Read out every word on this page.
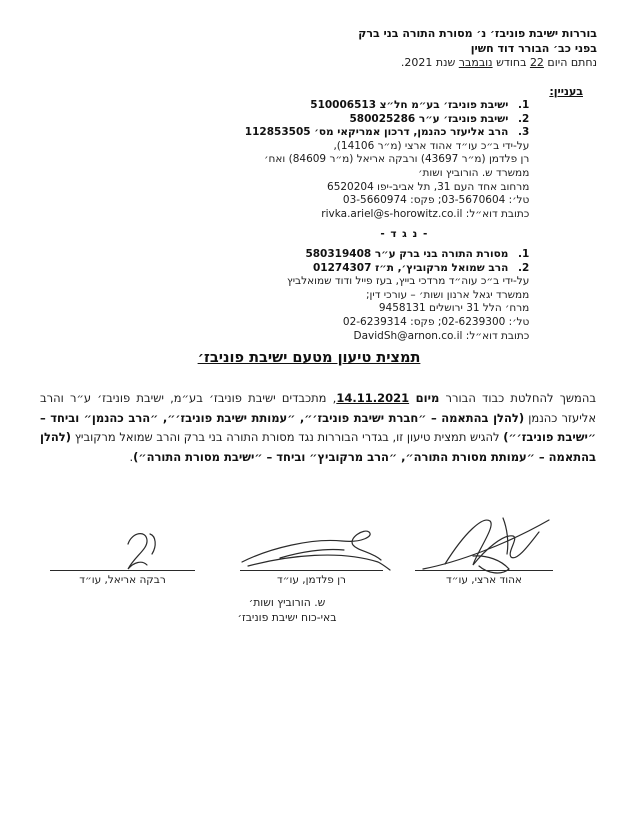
בוררות ישיבת פוניבז׳ נ׳ מסורת התורה בני ברק
בפני כב׳ הבורר דוד חשין
נחתם היום 22 בחודש נובמבר שנת 2021.
בעניין:
1.
ישיבת פוניבז׳ בע״מ חל״צ 510006513
2.
ישיבת פוניבז׳ ע״ר 580025286
3.
הרב אליעזר כהנמן, דרכון אמריקאי מס׳ 112853505
על-ידי ב״כ עו״ד אהוד ארצי (מ״ר 14106),
רן פלדמן (מ״ר 43697) ורבקה אריאל (מ״ר 84609) ואח׳
ממשרד ש. הורוביץ ושות׳
מרחוב אחד העם 31, תל אביב-יפו 6520204
טל׳: 03-5670604; פקס: 03-5660974
כתובת דוא״ל: rivka.ariel@s-horowitz.co.il
- נ ג ד -
1.
מסורת התורה בני ברק ע״ר 580319408
2.
הרב שמואל מרקוביץ׳, ת״ז 01274307
על-ידי ב״כ עוה״ד מרדכי בייץ, בעז פייל ודוד שמואלביץ
ממשרד יגאל ארנון ושות׳ – עורכי דין;
מרח׳ הלל 31 ירושלים 9458131
טל׳: 02-6239300; פקס: 02-6239314
כתובת דוא״ל: DavidSh@arnon.co.il
תמצית טיעון מטעם ישיבת פוניבז׳

בהמשך להחלטת כבוד הבורר מיום 14.11.2021, מתכבדים ישיבת פוניבז׳ בע״מ, ישיבת פוניבז׳ ע״ר והרב אליעזר כהנמן (להלן בהתאמה – ״חברת ישיבת פוניבז׳״, ״עמותת ישיבת פוניבז׳״, ״הרב כהנמן״ וביחד – ״ישיבת פוניבז׳״) להגיש תמצית טיעון זו, בגדרי הבוררות נגד מסורת התורה בני ברק והרב שמואל מרקוביץ (להלן בהתאמה – ״עמותת מסורת התורה״, ״הרב מרקוביץ״ וביחד – ״ישיבת מסורת התורה״).

אהוד ארצי, עו״ד
רן פלדמן, עו״ד
רבקה אריאל, עו״ד
ש. הורוביץ ושות׳
באי-כוח ישיבת פוניבז׳
